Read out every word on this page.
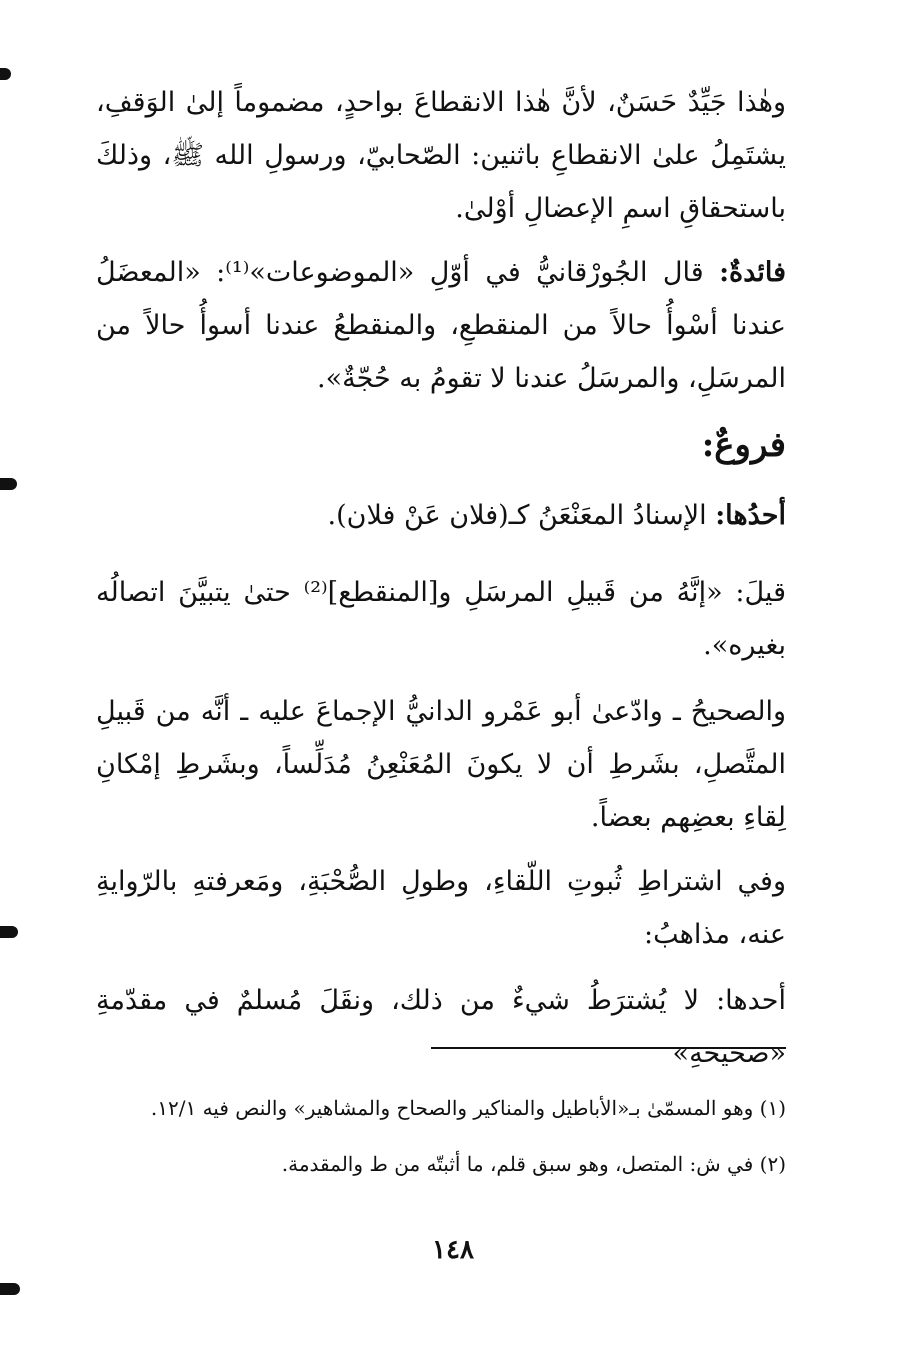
وهٰذا جَيِّدٌ حَسَنٌ، لأنَّ هٰذا الانقطاعَ بواحدٍ، مضموماً إلىٰ الوَقفِ، يشتَمِلُ علىٰ الانقطاعِ باثنين: الصّحابيّ، ورسولِ الله ﷺ، وذلكَ باستحقاقِ اسمِ الإعضالِ أوْلىٰ.

فائدةٌ: قال الجُورْقانيُّ في أوّلِ «الموضوعات»⁽¹⁾: «المعضَلُ عندنا أسْوأُ حالاً من المنقطعِ، والمنقطعُ عندنا أسوأُ حالاً من المرسَلِ، والمرسَلُ عندنا لا تقومُ به حُجّةٌ».

فروعٌ:

أحدُها: الإسنادُ المعَنْعَنُ كـ(فلان عَنْ فلان).

قيلَ: «إنَّهُ من قَبيلِ المرسَلِ و[المنقطع]⁽²⁾ حتىٰ يتبيَّنَ اتصالُه بغيره».

والصحيحُ ـ وادّعىٰ أبو عَمْرو الدانيُّ الإجماعَ عليه ـ أنَّه من قَبيلِ المتَّصلِ، بشَرطِ أن لا يكونَ المُعَنْعِنُ مُدَلِّساً، وبشَرطِ إمْكانِ لِقاءِ بعضِهم بعضاً.

وفي اشتراطِ ثُبوتِ اللّقاءِ، وطولِ الصُّحْبَةِ، ومَعرفتهِ بالرّوايةِ عنه، مذاهبُ:

أحدها: لا يُشترَطُ شيءٌ من ذلك، ونقَلَ مُسلمٌ في مقدّمةِ «صحيحهِ»

(١) وهو المسمّىٰ بـ«الأباطيل والمناكير والصحاح والمشاهير» والنص فيه ١٢/١.
(٢) في ش: المتصل، وهو سبق قلم، ما أثبتّه من ط والمقدمة.
١٤٨
